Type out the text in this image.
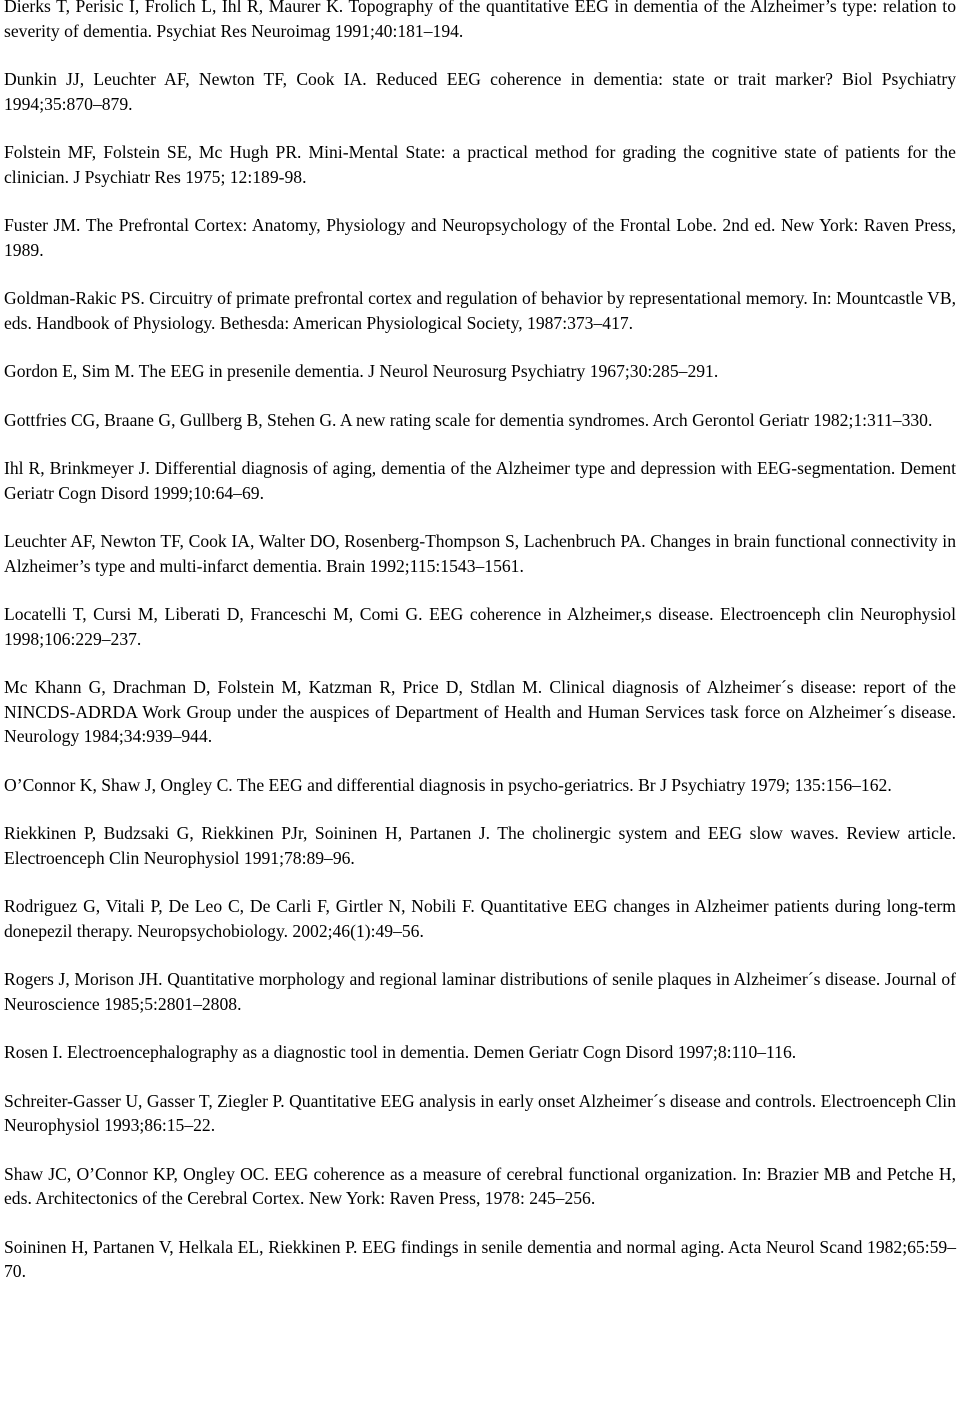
Dierks T, Perisic I, Frolich L, Ihl R, Maurer K. Topography of the quantitative EEG in dementia of the Alzheimer’s type: relation to severity of dementia. Psychiat Res Neuroimag 1991;40:181–194.

Dunkin JJ, Leuchter AF, Newton TF, Cook IA. Reduced EEG coherence in dementia: state or trait marker? Biol Psychiatry 1994;35:870–879.

Folstein MF, Folstein SE, Mc Hugh PR. Mini-Mental State: a practical method for grading the cognitive state of patients for the clinician. J Psychiatr Res 1975; 12:189-98.

Fuster JM. The Prefrontal Cortex: Anatomy, Physiology and Neuropsychology of the Frontal Lobe. 2nd ed. New York: Raven Press, 1989.

Goldman-Rakic PS. Circuitry of primate prefrontal cortex and regulation of behavior by representational memory. In: Mountcastle VB, eds. Handbook of Physiology. Bethesda: American Physiological Society, 1987:373–417.

Gordon E, Sim M. The EEG in presenile dementia. J Neurol Neurosurg Psychiatry 1967;30:285–291.

Gottfries CG, Braane G, Gullberg B, Stehen G. A new rating scale for dementia syndromes. Arch Gerontol Geriatr 1982;1:311–330.

Ihl R, Brinkmeyer J. Differential diagnosis of aging, dementia of the Alzheimer type and depression with EEG-segmentation. Dement Geriatr Cogn Disord 1999;10:64–69.

Leuchter AF, Newton TF, Cook IA, Walter DO, Rosenberg-Thompson S, Lachenbruch PA. Changes in brain functional connectivity in Alzheimer’s type and multi-infarct dementia. Brain 1992;115:1543–1561.

Locatelli T, Cursi M, Liberati D, Franceschi M, Comi G. EEG coherence in Alzheimer,s disease. Electroenceph clin Neurophysiol 1998;106:229–237.

Mc Khann G, Drachman D, Folstein M, Katzman R, Price D, Stdlan M. Clinical diagnosis of Alzheimer´s disease: report of the NINCDS-ADRDA Work Group under the auspices of Department of Health and Human Services task force on Alzheimer´s disease. Neurology 1984;34:939–944.

O’Connor K, Shaw J, Ongley C. The EEG and differential diagnosis in psycho-geriatrics. Br J Psychiatry 1979; 135:156–162.

Riekkinen P, Budzsaki G, Riekkinen PJr, Soininen H, Partanen J. The cholinergic system and EEG slow waves. Review article. Electroenceph Clin Neurophysiol 1991;78:89–96.

Rodriguez G, Vitali P, De Leo C, De Carli F, Girtler N, Nobili F. Quantitative EEG changes in Alzheimer patients during long-term donepezil therapy. Neuropsychobiology. 2002;46(1):49–56.

Rogers J, Morison JH. Quantitative morphology and regional laminar distributions of senile plaques in Alzheimer´s disease. Journal of Neuroscience 1985;5:2801–2808.

Rosen I. Electroencephalography as a diagnostic tool in dementia. Demen Geriatr Cogn Disord 1997;8:110–116.

Schreiter-Gasser U, Gasser T, Ziegler P. Quantitative EEG analysis in early onset Alzheimer´s disease and controls. Electroenceph Clin Neurophysiol 1993;86:15–22.

Shaw JC, O’Connor KP, Ongley OC. EEG coherence as a measure of cerebral functional organization. In: Brazier MB and Petche H, eds. Architectonics of the Cerebral Cortex. New York: Raven Press, 1978: 245–256.

Soininen H, Partanen V, Helkala EL, Riekkinen P. EEG findings in senile dementia and normal aging. Acta Neurol Scand 1982;65:59–70.
